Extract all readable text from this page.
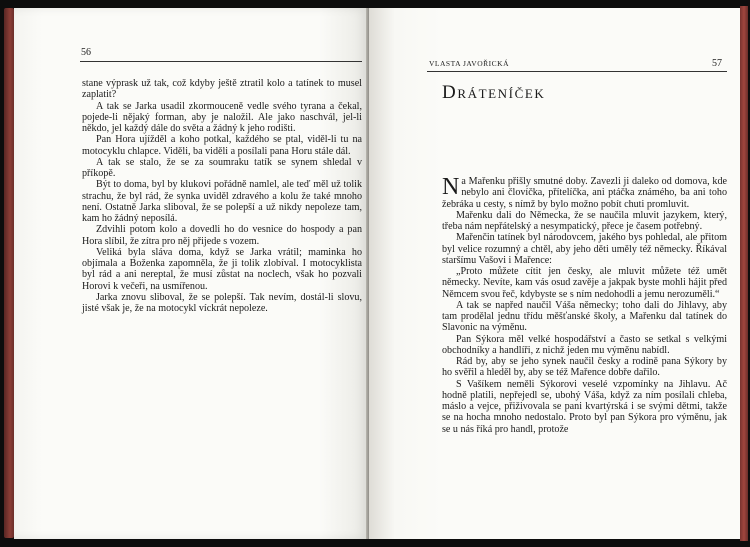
56

stane výprask už tak, což kdyby ještě ztratil kolo a tatínek to musel zaplatit?

A tak se Jarka usadil zkormouceně vedle svého tyrana a čekal, pojede-li nějaký forman, aby je naložil. Ale jako naschvál, jel-li někdo, jel každý dále do světa a žádný k jeho rodišti.

Pan Hora ujížděl a koho potkal, každého se ptal, viděl-li tu na motocyklu chlapce. Viděli, ba viděli a posílali pana Horu stále dál.

A tak se stalo, že se za soumraku tatík se synem shledal v příkopě.

Být to doma, byl by klukovi pořádně namlel, ale teď měl už tolik strachu, že byl rád, že synka uviděl zdravého a kolu že také mnoho není. Ostatně Jarka sliboval, že se polepší a už nikdy nepoleze tam, kam ho žádný neposílá.

Zdvihli potom kolo a dovedli ho do vesnice do hospody a pan Hora slíbil, že zítra pro něj přijede s vozem.

Veliká byla sláva doma, když se Jarka vrátil; maminka ho objímala a Boženka zapomněla, že ji tolik zlobíval. I motocyklista byl rád a ani nereptal, že musí zůstat na noclech, však ho pozvali Horovi k večeři, na usmířenou.

Jarka znovu sliboval, že se polepší. Tak nevím, dostál-li slovu, jisté však je, že na motocykl víckrát nepoleze.

VLASTA JAVOŘICKÁ	57
Dráteníček

Na Mařenku přišly smutné doby. Zavezli ji daleko od domova, kde nebylo ani človíčka, přítelíčka, ani ptáčka známého, ba ani toho žebráka u cesty, s nímž by bylo možno pobít chuti promluvit.

Mařenku dali do Německa, že se naučila mluvit jazykem, který, třeba nám nepřátelský a nesympatický, přece je časem potřebný.

Mařenčin tatínek byl národovcem, jakého bys pohledal, ale přitom byl velice rozumný a chtěl, aby jeho děti uměly též německy. Říkával staršímu Vašovi i Mařence:

„Proto můžete cítit jen česky, ale mluvit můžete též umět německy. Nevíte, kam vás osud zavěje a jakpak byste mohli hájit před Němcem svou řeč, kdybyste se s ním nedohodli a jemu nerozuměli.“

A tak se napřed naučil Váša německy; toho dali do Jihlavy, aby tam prodělal jednu třídu měšťanské školy, a Mařenku dal tatínek do Slavonic na výměnu.

Pan Sýkora měl velké hospodářství a často se setkal s velkými obchodníky a handlíři, z nichž jeden mu výměnu nabídl.

Rád by, aby se jeho synek naučil česky a rodině pana Sýkory by ho svěřil a hleděl by, aby se též Mařence dobře dařilo.

S Vašíkem neměli Sýkorovi veselé vzpomínky na Jihlavu. Ač hodně platili, nepřejedl se, ubohý Váša, když za ním posílali chleba, máslo a vejce, přiživovala se pani kvartýrská i se svými dětmi, takže se na hocha mnoho nedostalo. Proto byl pan Sýkora pro výměnu, jak se u nás říká pro handl, protože
